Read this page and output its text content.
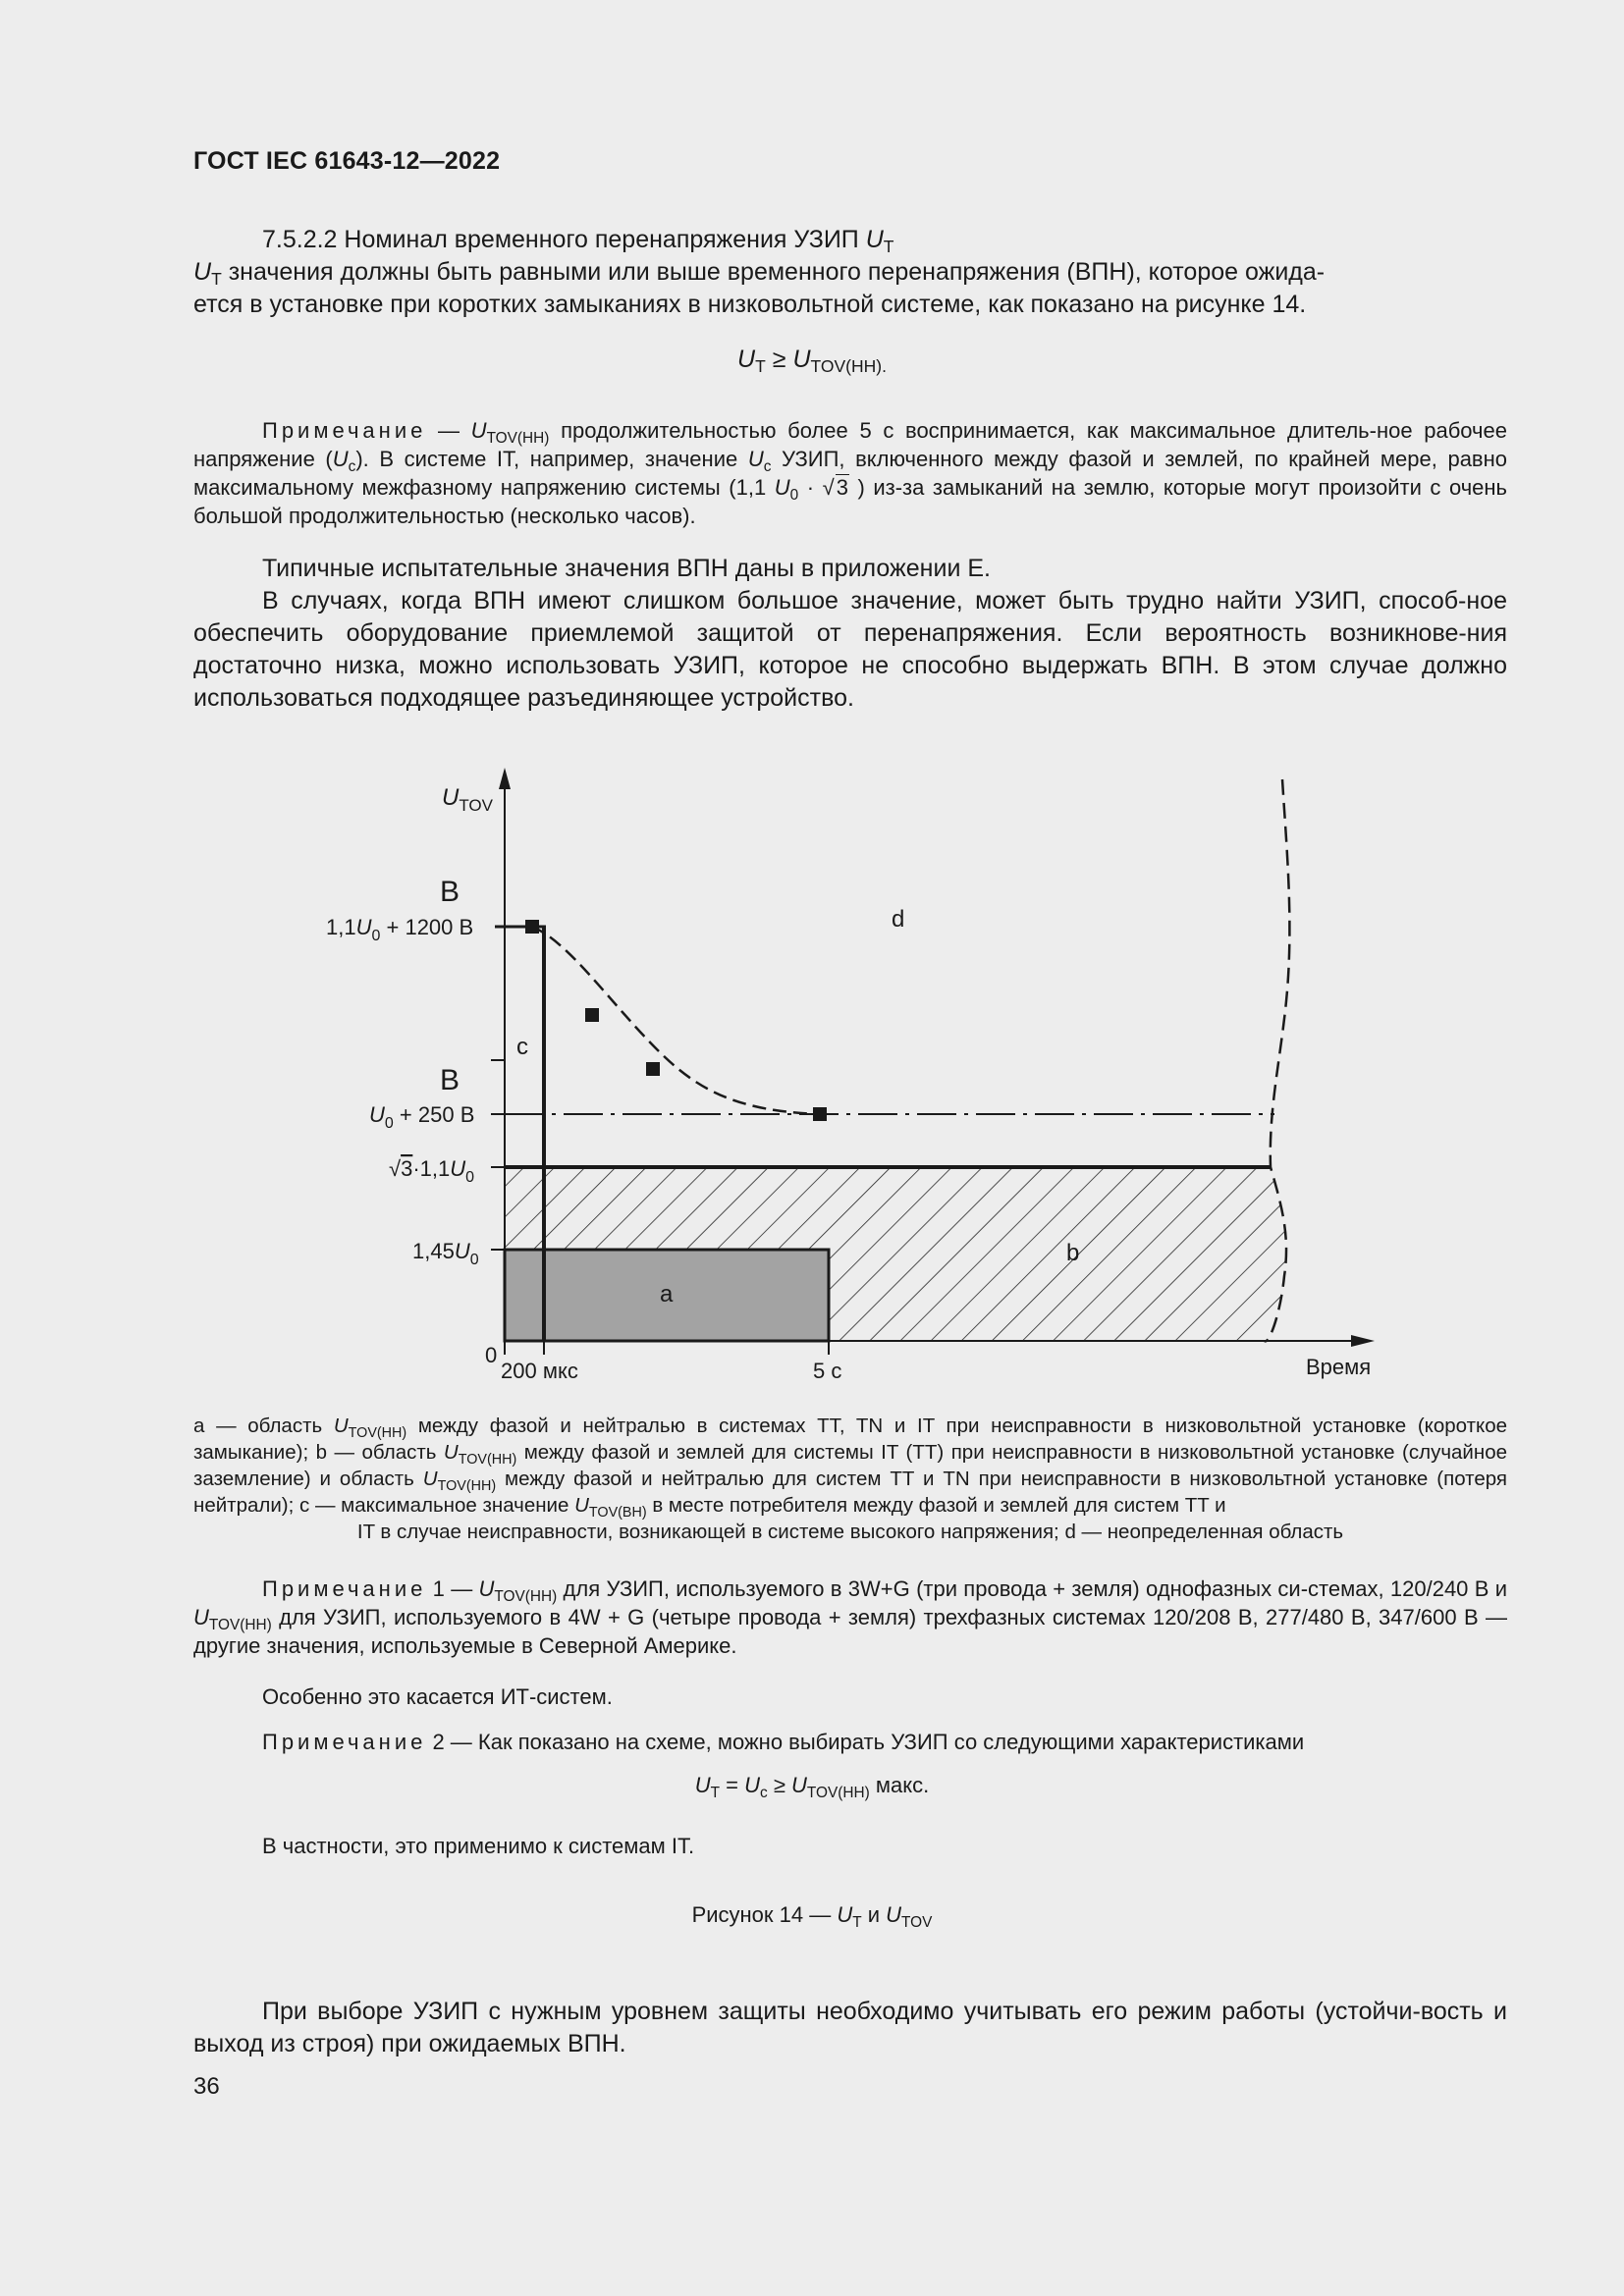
ГОСТ IEC 61643-12—2022
7.5.2.2 Номинал временного перенапряжения УЗИП $U_T$
$U_T$ значения должны быть равными или выше временного перенапряжения (ВПН), которое ожида-
ется в установке при коротких замыканиях в низковольтной системе, как показано на рисунке 14.
$U_T \ge U_{TOV(HH).}$
Примечание — $U_{TOV(HH)}$ продолжительностью более 5 с воспринимается, как максимальное длитель-ное рабочее напряжение $(U_c)$. В системе IT, например, значение $U_c$ УЗИП, включенного между фазой и землей, по крайней мере, равно максимальному межфазному напряжению системы (1,1 $U_0 \cdot √3$ ) из-за замыканий на землю, которые могут произойти с очень большой продолжительностью (несколько часов).
Типичные испытательные значения ВПН даны в приложении Е.
В случаях, когда ВПН имеют слишком большое значение, может быть трудно найти УЗИП, способ-ное обеспечить оборудование приемлемой защитой от перенапряжения. Если вероятность возникнове-ния достаточно низка, можно использовать УЗИП, которое не способно выдержать ВПН. В этом случае должно использоваться подходящее разъединяющее устройство.
$U_{TOV}$
Время
В
$1,1U_0 + 1200$ В
В
$U_0 + 250$ В
$√3\cdot 1,1U_0$
$1,45U_0$
0
200 мкс	5 с
a
b
c
d
a — область $U_{TOV(HH)}$ между фазой и нейтралью в системах TT, TN и IT при неисправности в низковольтной установке (короткое замыкание); b — область $U_{TOV(HH)}$ между фазой и землей для системы IT (TT) при неисправности в низковольтной установке (случайное заземление) и область $U_{TOV(HH)}$ между фазой и нейтралью для систем TT и TN при неисправности в низковольтной установке (потеря нейтрали); c — максимальное значение $U_{TOV(BH)}$ в месте потребителя между фазой и землей для систем TT и
IT в случае неисправности, возникающей в системе высокого напряжения; d — неопределенная область
Примечание 1 — $U_{TOV(HH)}$ для УЗИП, используемого в 3W+G (три провода + земля) однофазных си-стемах, 120/240 В и $U_{TOV(HH)}$ для УЗИП, используемого в 4W + G (четыре провода + земля) трехфазных системах 120/208 В, 277/480 В, 347/600 В — другие значения, используемые в Северной Америке.
Особенно это касается ИТ-систем.
Примечание 2 — Как показано на схеме, можно выбирать УЗИП со следующими характеристиками
$U_T = U_c \ge U_{TOV(HH)}$ макс.
В частности, это применимо к системам IT.
Рисунок 14 — $U_T$ и $U_{TOV}$
При выборе УЗИП с нужным уровнем защиты необходимо учитывать его режим работы (устойчи-вость и выход из строя) при ожидаемых ВПН.
36
